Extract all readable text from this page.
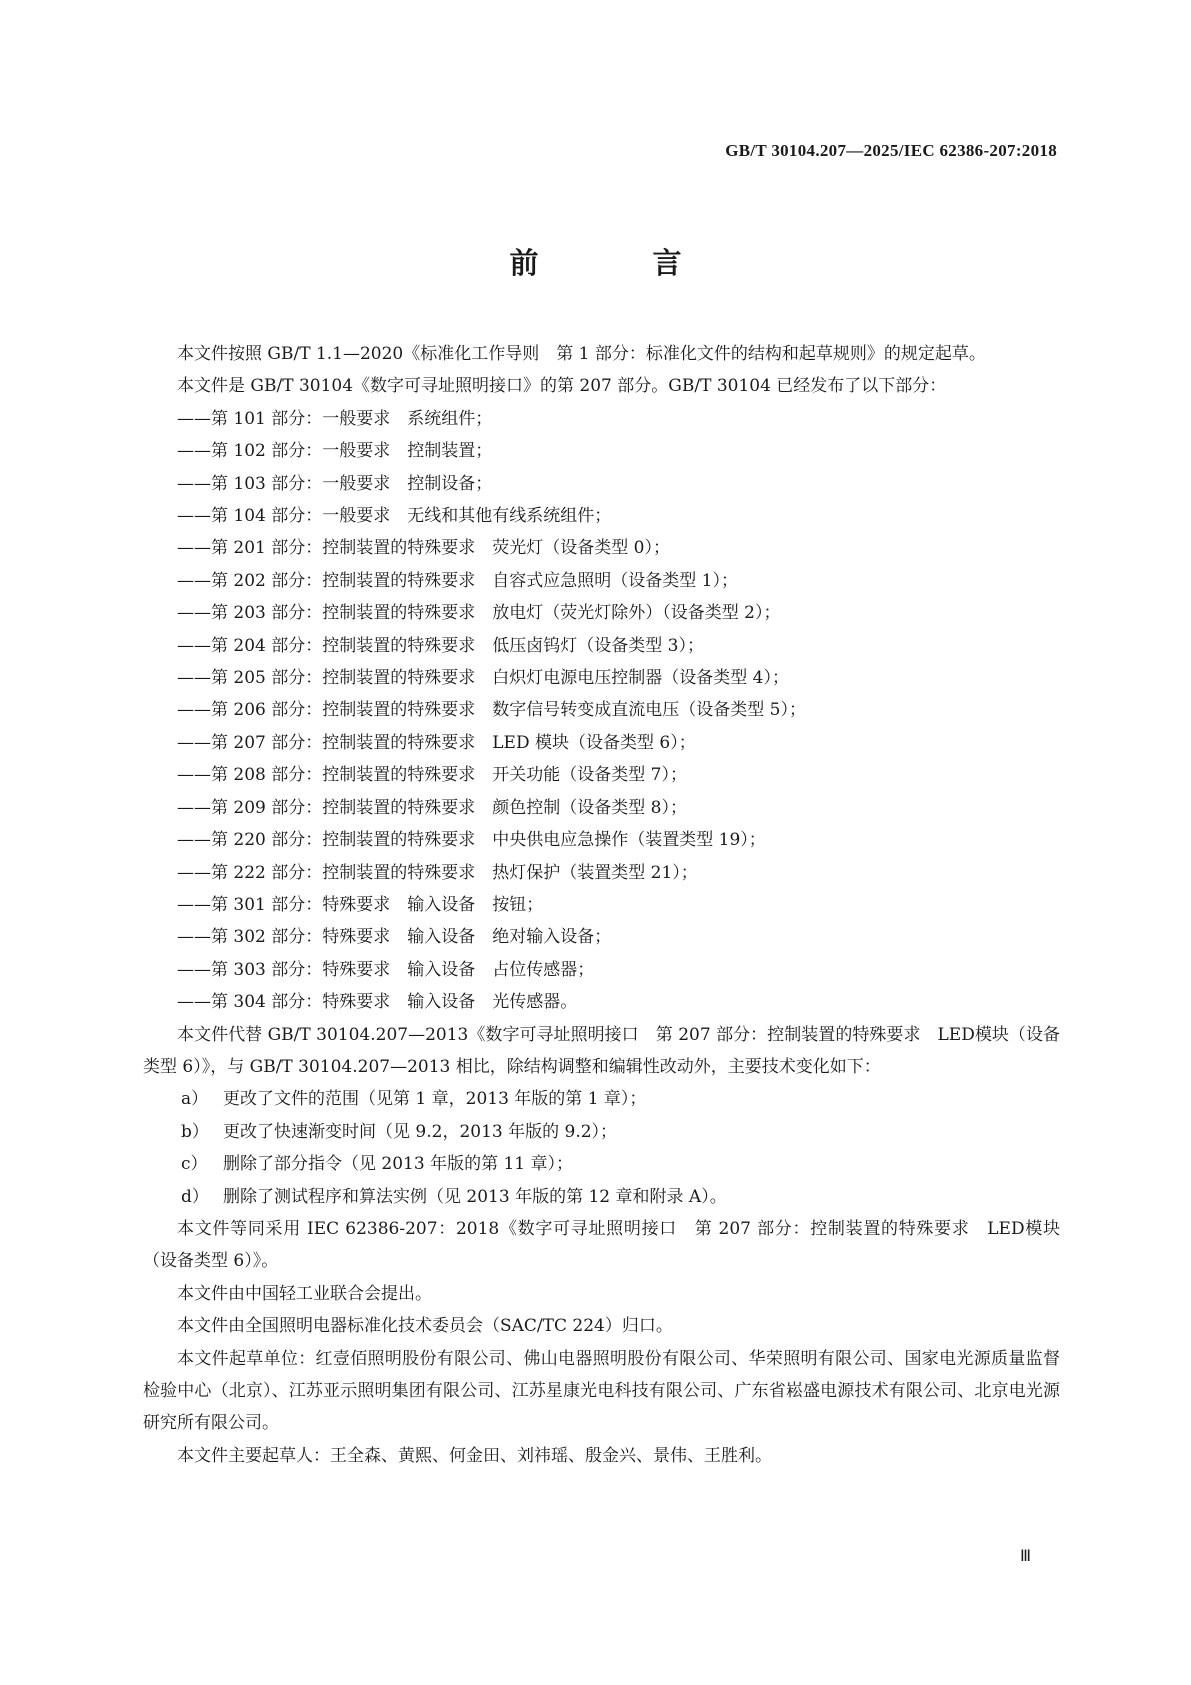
GB/T 30104.207—2025/IEC 62386-207:2018
前 言

本文件按照 GB/T 1.1—2020《标准化工作导则　第 1 部分：标准化文件的结构和起草规则》的规定起草。

本文件是 GB/T 30104《数字可寻址照明接口》的第 207 部分。GB/T 30104 已经发布了以下部分：

——第 101 部分：一般要求　系统组件；

——第 102 部分：一般要求　控制装置；

——第 103 部分：一般要求　控制设备；

——第 104 部分：一般要求　无线和其他有线系统组件；

——第 201 部分：控制装置的特殊要求　荧光灯（设备类型 0）；

——第 202 部分：控制装置的特殊要求　自容式应急照明（设备类型 1）；

——第 203 部分：控制装置的特殊要求　放电灯（荧光灯除外）（设备类型 2）；

——第 204 部分：控制装置的特殊要求　低压卤钨灯（设备类型 3）；

——第 205 部分：控制装置的特殊要求　白炽灯电源电压控制器（设备类型 4）；

——第 206 部分：控制装置的特殊要求　数字信号转变成直流电压（设备类型 5）；

——第 207 部分：控制装置的特殊要求　LED 模块（设备类型 6）；

——第 208 部分：控制装置的特殊要求　开关功能（设备类型 7）；

——第 209 部分：控制装置的特殊要求　颜色控制（设备类型 8）；

——第 220 部分：控制装置的特殊要求　中央供电应急操作（装置类型 19）；

——第 222 部分：控制装置的特殊要求　热灯保护（装置类型 21）；

——第 301 部分：特殊要求　输入设备　按钮；

——第 302 部分：特殊要求　输入设备　绝对输入设备；

——第 303 部分：特殊要求　输入设备　占位传感器；

——第 304 部分：特殊要求　输入设备　光传感器。

本文件代替 GB/T 30104.207—2013《数字可寻址照明接口　第 207 部分：控制装置的特殊要求　LED模块（设备类型 6）》，与 GB/T 30104.207—2013 相比，除结构调整和编辑性改动外，主要技术变化如下：

a） 更改了文件的范围（见第 1 章，2013 年版的第 1 章）；

b） 更改了快速渐变时间（见 9.2，2013 年版的 9.2）；

c） 删除了部分指令（见 2013 年版的第 11 章）；

d） 删除了测试程序和算法实例（见 2013 年版的第 12 章和附录 A）。

本文件等同采用 IEC 62386-207：2018《数字可寻址照明接口　第 207 部分：控制装置的特殊要求　LED模块（设备类型 6）》。

本文件由中国轻工业联合会提出。

本文件由全国照明电器标准化技术委员会（SAC/TC 224）归口。

本文件起草单位：红壹佰照明股份有限公司、佛山电器照明股份有限公司、华荣照明有限公司、国家电光源质量监督检验中心（北京）、江苏亚示照明集团有限公司、江苏星康光电科技有限公司、广东省崧盛电源技术有限公司、北京电光源研究所有限公司。

本文件主要起草人：王全森、黄熙、何金田、刘祎瑶、殷金兴、景伟、王胜利。

Ⅲ
